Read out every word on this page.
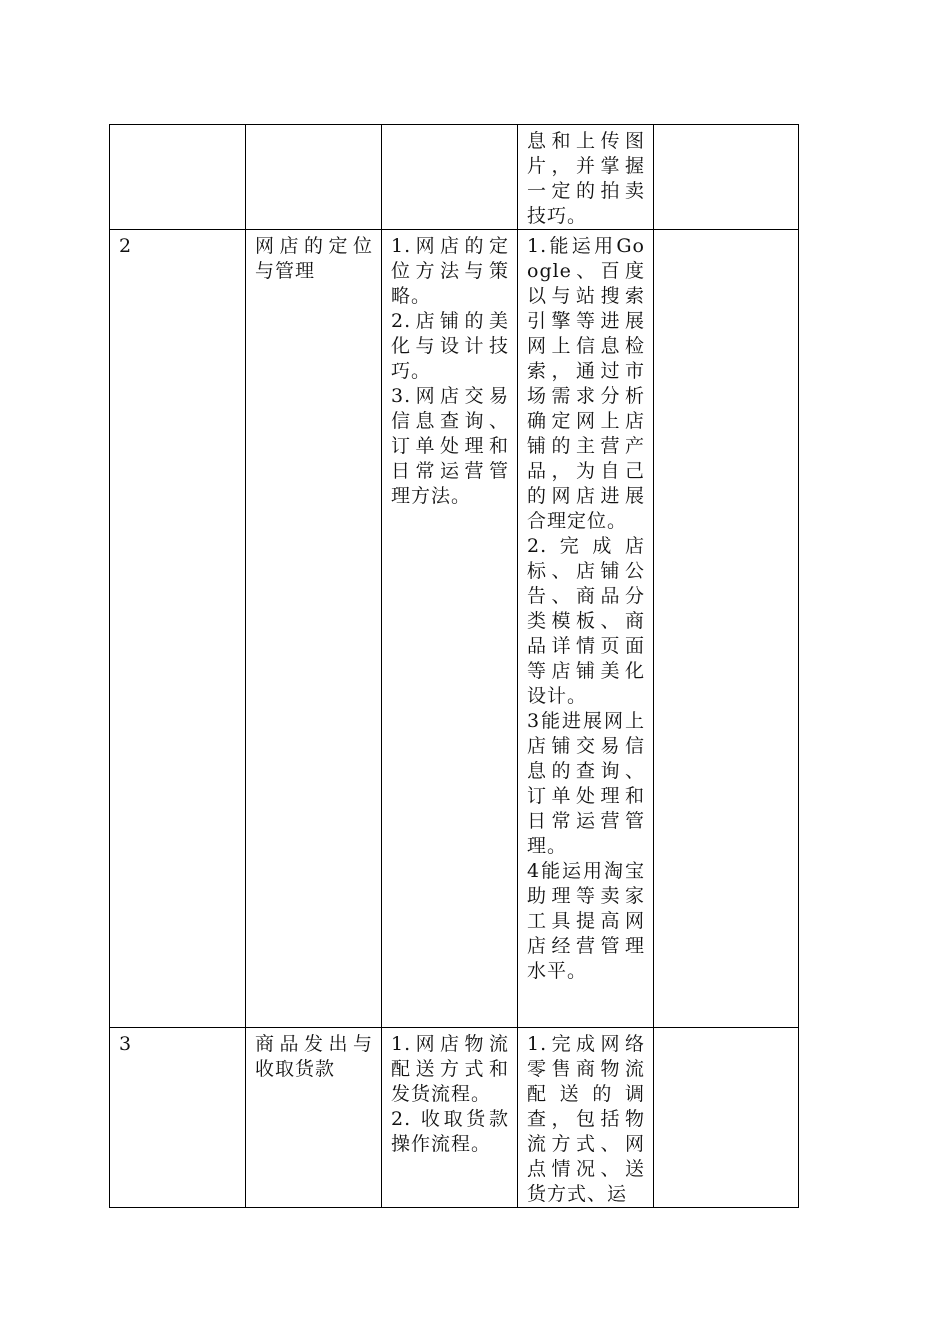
			息和上传图片，并掌握一定的拍卖技巧。	

2	网店的定位与管理	1.网店的定位方法与策略。
2.店铺的美化与设计技巧。
3.网店交易信息查询、订单处理和日常运营管理方法。	1.能运用Google、百度以与站搜索引擎等进展网上信息检索，通过市场需求分析确定网上店铺的主营产品，为自己的网店进展合理定位。
2.完成店标、店铺公告、商品分类模板、商品详情页面等店铺美化设计。
3能进展网上店铺交易信息的查询、订单处理和日常运营管理。
4能运用淘宝助理等卖家工具提高网店经营管理水平。	

3	商品发出与收取货款	1.网店物流配送方式和发货流程。
2. 收取货款操作流程。	1.完成网络零售商物流配送的调查，包括物流方式、网点情况、送货方式、运	
